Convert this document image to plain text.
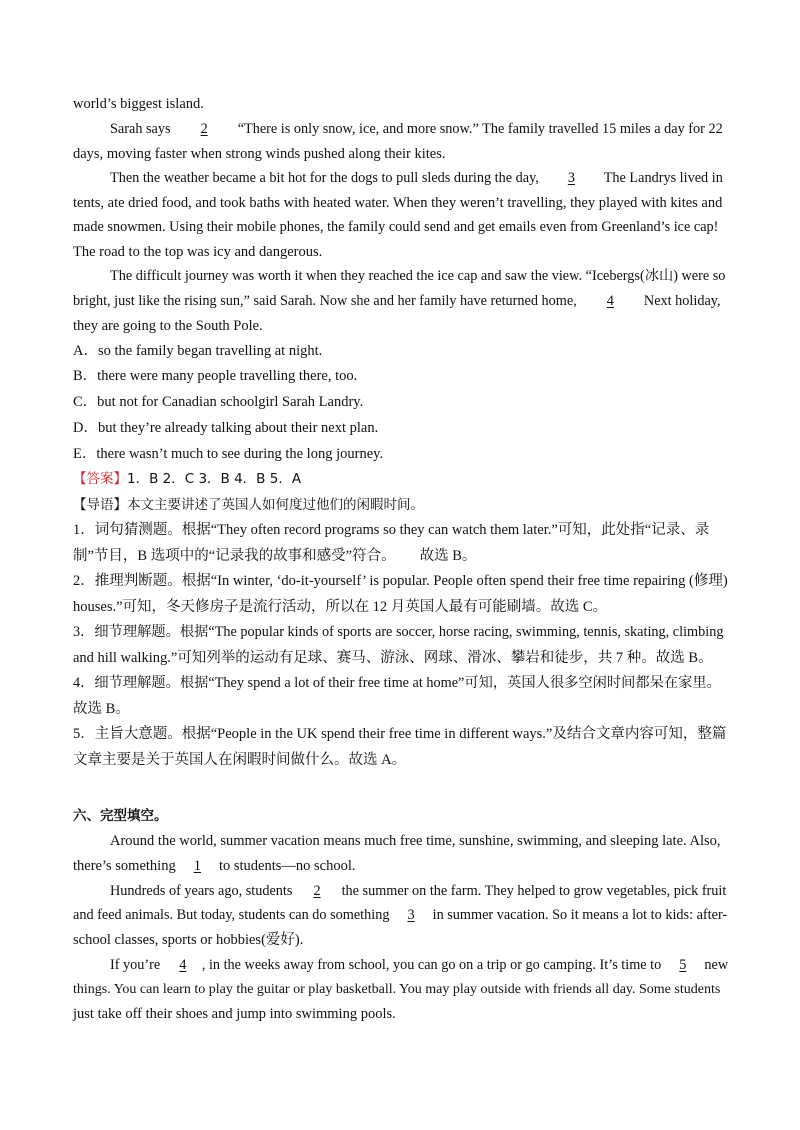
world’s biggest island.
Sarah says 2 “There is only snow, ice, and more snow.” The family travelled 15 miles a day for 22
days, moving faster when strong winds pushed along their kites.
Then the weather became a bit hot for the dogs to pull sleds during the day, 3 The Landrys lived in
tents, ate dried food, and took baths with heated water. When they weren’t travelling, they played with kites and
made snowmen. Using their mobile phones, the family could send and get emails even from Greenland’s ice cap!
The road to the top was icy and dangerous.
The difficult journey was worth it when they reached the ice cap and saw the view. “Icebergs(冰山) were so
bright, just like the rising sun,” said Sarah. Now she and her family have returned home, 4 Next holiday,
they are going to the South Pole.
A．so the family began travelling at night.
B．there were many people travelling there, too.
C．but not for Canadian schoolgirl Sarah Landry.
D．but they’re already talking about their next plan.
E．there wasn’t much to see during the long journey.
【答案】1．B 2．C 3．B 4．B 5．A
【导语】本文主要讲述了英国人如何度过他们的闲暇时间。
1．词句猜测题。根据“They often record programs so they can watch them later.”可知，此处指“记录、录
制”节目，B 选项中的“记录我的故事和感受”符合。 故选 B。
2．推理判断题。根据“In winter, ‘do-it-yourself’ is popular. People often spend their free time repairing (修理)
houses.”可知，冬天修房子是流行活动，所以在 12 月英国人最有可能刷墙。故选 C。
3．细节理解题。根据“The popular kinds of sports are soccer, horse racing, swimming, tennis, skating, climbing
and hill walking.”可知列举的运动有足球、赛马、游泳、网球、滑冰、攀岩和徒步，共 7 种。故选 B。
4．细节理解题。根据“They spend a lot of their free time at home”可知，英国人很多空闲时间都呆在家里。
故选 B。
5．主旨大意题。根据“People in the UK spend their free time in different ways.”及结合文章内容可知，整篇
文章主要是关于英国人在闲暇时间做什么。故选 A。
六、完型填空。
Around the world, summer vacation means much free time, sunshine, swimming, and sleeping late. Also,
there’s something 1 to students—no school.
Hundreds of years ago, students 2 the summer on the farm. They helped to grow vegetables, pick fruit
and feed animals. But today, students can do something 3 in summer vacation. So it means a lot to kids: after-
school classes, sports or hobbies(爱好).
If you’re 4 , in the weeks away from school, you can go on a trip or go camping. It’s time to 5 new
things. You can learn to play the guitar or play basketball. You may play outside with friends all day. Some students
just take off their shoes and jump into swimming pools.
